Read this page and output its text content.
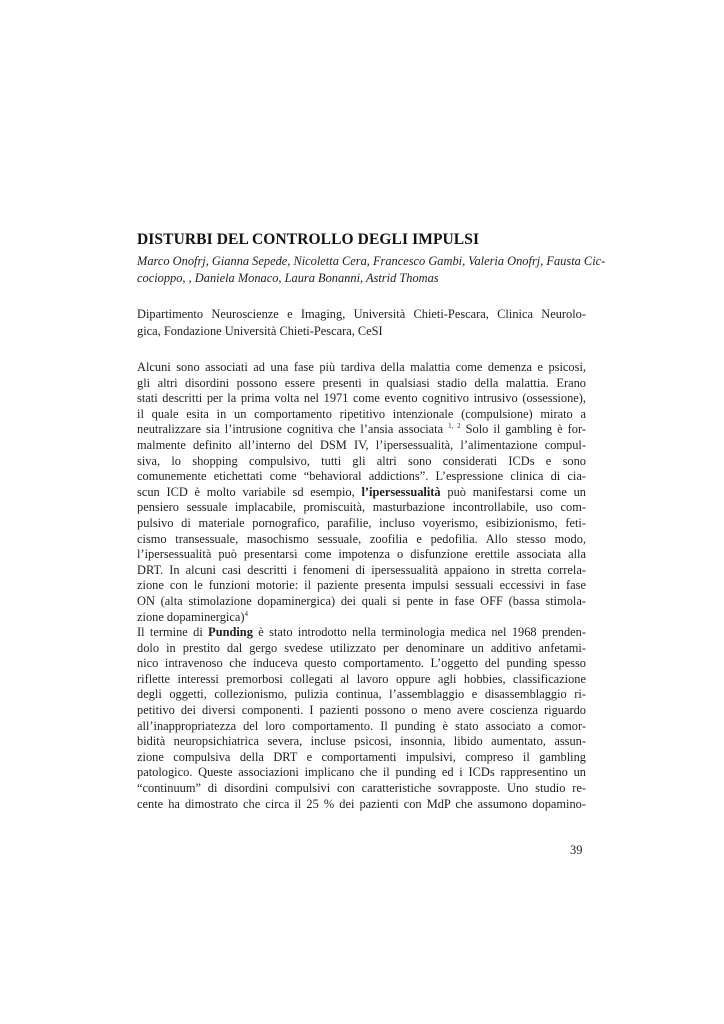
DISTURBI DEL CONTROLLO DEGLI IMPULSI
Marco Onofrj, Gianna Sepede, Nicoletta Cera, Francesco Gambi, Valeria Onofrj, Fausta Cic-
cocioppo, , Daniela Monaco, Laura Bonanni, Astrid Thomas
Dipartimento Neuroscienze e Imaging, Università Chieti-Pescara, Clinica Neurolo-
gica, Fondazione Università Chieti-Pescara, CeSI

Alcuni sono associati ad una fase più tardiva della malattia come demenza e psicosi,
gli altri disordini possono essere presenti in qualsiasi stadio della malattia. Erano
stati descritti per la prima volta nel 1971 come evento cognitivo intrusivo (ossessione),
il quale esita in un comportamento ripetitivo intenzionale (compulsione) mirato a
neutralizzare sia l’intrusione cognitiva che l’ansia associata $^{1, 2}$ Solo il gambling è for-
malmente definito all’interno del DSM IV, l’ipersessualità, l’alimentazione compul-
siva, lo shopping compulsivo, tutti gli altri sono considerati ICDs e sono
comunemente etichettati come “behavioral addictions”. L’espressione clinica di cia-
scun ICD è molto variabile sd esempio, l’ipersessualità può manifestarsi come un
pensiero sessuale implacabile, promiscuità, masturbazione incontrollabile, uso com-
pulsivo di materiale pornografico, parafilie, incluso voyerismo, esibizionismo, feti-
cismo transessuale, masochismo sessuale, zoofilia e pedofilia. Allo stesso modo,
l’ipersessualità può presentarsi come impotenza o disfunzione erettile associata alla
DRT. In alcuni casi descritti i fenomeni di ipersessualità appaiono in stretta correla-
zione con le funzioni motorie: il paziente presenta impulsi sessuali eccessivi in fase
ON (alta stimolazione dopaminergica) dei quali si pente in fase OFF (bassa stimola-
zione dopaminergica)$^4$

Il termine di Punding è stato introdotto nella terminologia medica nel 1968 prenden-
dolo in prestito dal gergo svedese utilizzato per denominare un additivo anfetami-
nico intravenoso che induceva questo comportamento. L’oggetto del punding spesso
riflette interessi premorbosi collegati al lavoro oppure agli hobbies, classificazione
degli oggetti, collezionismo, pulizia continua, l’assemblaggio e disassemblaggio ri-
petitivo dei diversi componenti. I pazienti possono o meno avere coscienza riguardo
all’inappropriatezza del loro comportamento. Il punding è stato associato a comor-
bidità neuropsichiatrica severa, incluse psicosi, insonnia, libido aumentato, assun-
zione compulsiva della DRT e comportamenti impulsivi, compreso il gambling
patologico. Queste associazioni implicano che il punding ed i ICDs rappresentino un
“continuum” di disordini compulsivi con caratteristiche sovrapposte. Uno studio re-
cente ha dimostrato che circa il 25 % dei pazienti con MdP che assumono dopamino-

39
